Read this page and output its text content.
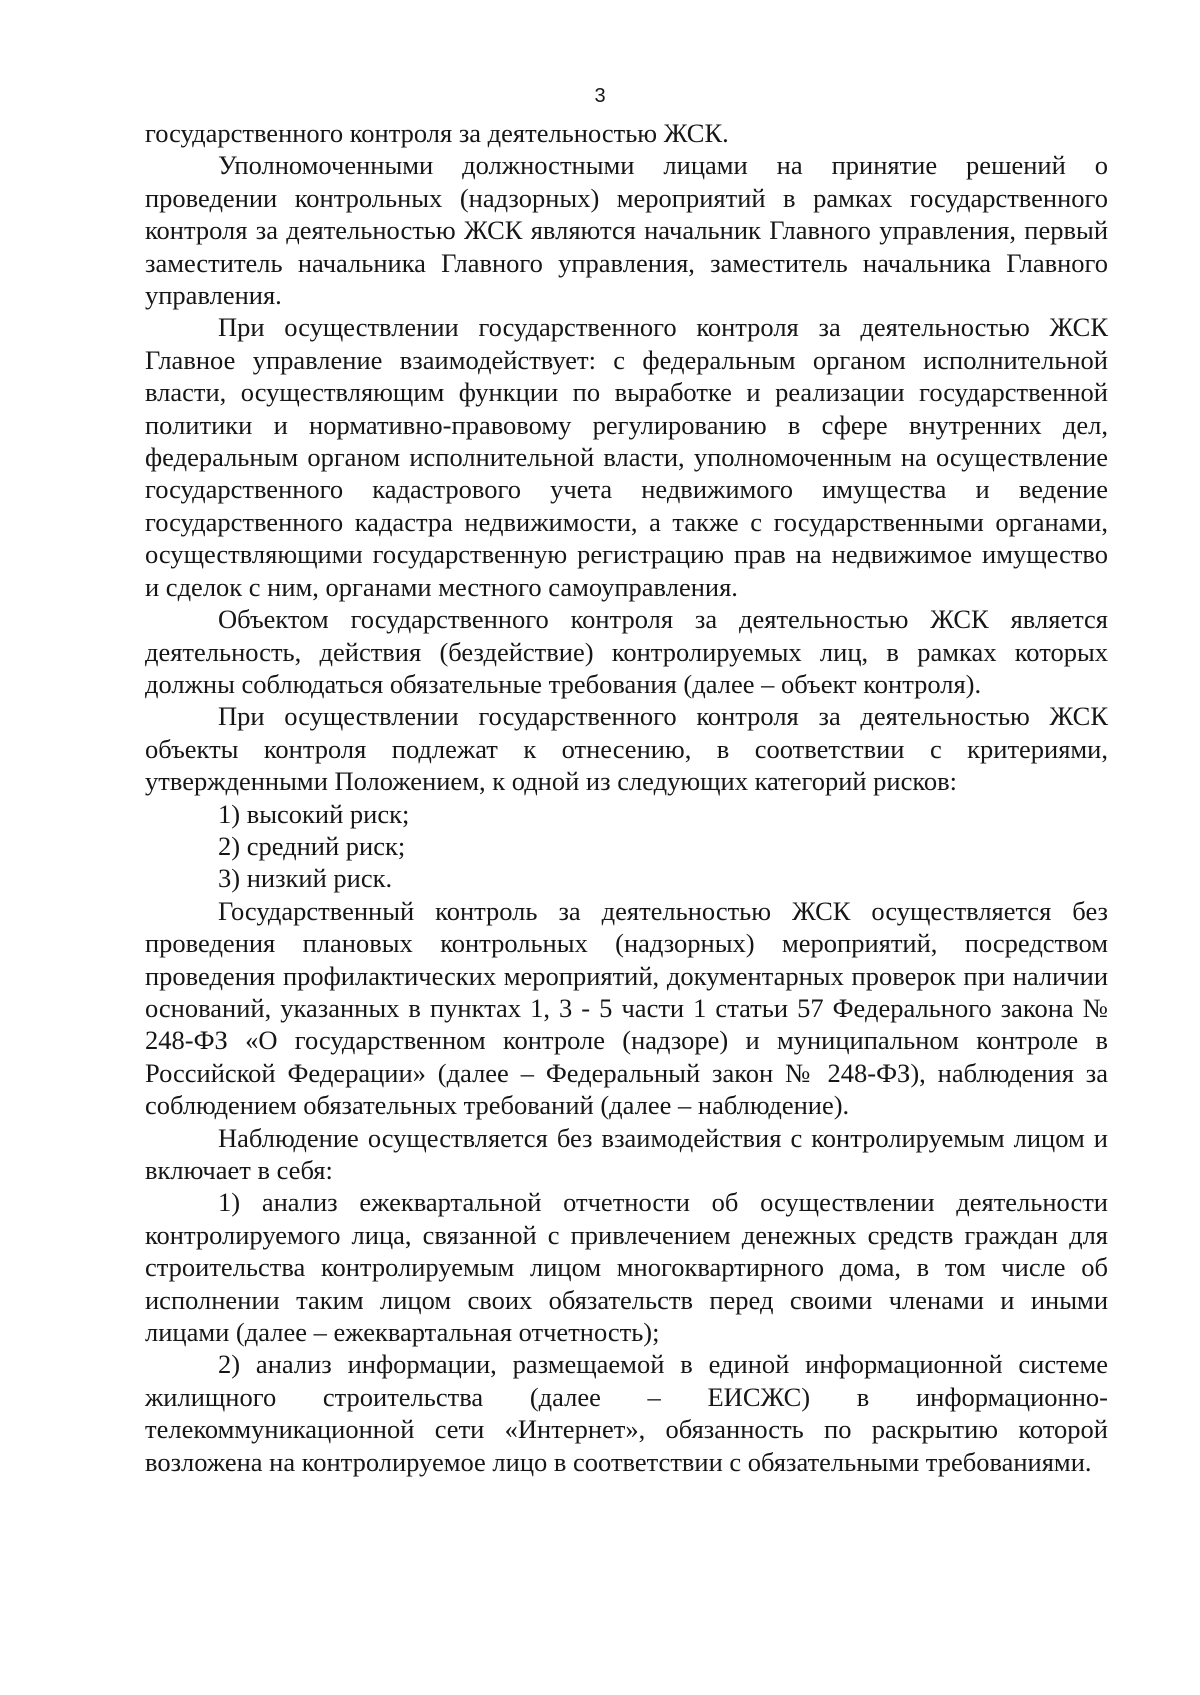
3

государственного контроля за деятельностью ЖСК.

Уполномоченными должностными лицами на принятие решений о проведении контрольных (надзорных) мероприятий в рамках государственного контроля за деятельностью ЖСК являются начальник Главного управления, первый заместитель начальника Главного управления, заместитель начальника Главного управления.

При осуществлении государственного контроля за деятельностью ЖСК Главное управление взаимодействует: с федеральным органом исполнительной власти, осуществляющим функции по выработке и реализации государственной политики и нормативно-правовому регулированию в сфере внутренних дел, федеральным органом исполнительной власти, уполномоченным на осуществление государственного кадастрового учета недвижимого имущества и ведение государственного кадастра недвижимости, а также с государственными органами, осуществляющими государственную регистрацию прав на недвижимое имущество и сделок с ним, органами местного самоуправления.

Объектом государственного контроля за деятельностью ЖСК является деятельность, действия (бездействие) контролируемых лиц, в рамках которых должны соблюдаться обязательные требования (далее – объект контроля).

При осуществлении государственного контроля за деятельностью ЖСК объекты контроля подлежат к отнесению, в соответствии с критериями, утвержденными Положением, к одной из следующих категорий рисков:

1) высокий риск;

2) средний риск;

3) низкий риск.

Государственный контроль за деятельностью ЖСК осуществляется без проведения плановых контрольных (надзорных) мероприятий, посредством проведения профилактических мероприятий, документарных проверок при наличии оснований, указанных в пунктах 1, 3 - 5 части 1 статьи 57 Федерального закона № 248-ФЗ «О государственном контроле (надзоре) и муниципальном контроле в Российской Федерации» (далее – Федеральный закон № 248-ФЗ), наблюдения за соблюдением обязательных требований (далее – наблюдение).

Наблюдение осуществляется без взаимодействия с контролируемым лицом и включает в себя:

1) анализ ежеквартальной отчетности об осуществлении деятельности контролируемого лица, связанной с привлечением денежных средств граждан для строительства контролируемым лицом многоквартирного дома, в том числе об исполнении таким лицом своих обязательств перед своими членами и иными лицами (далее – ежеквартальная отчетность);

2) анализ информации, размещаемой в единой информационной системе жилищного строительства (далее – ЕИСЖС) в информационно-телекоммуникационной сети «Интернет», обязанность по раскрытию которой возложена на контролируемое лицо в соответствии с обязательными требованиями.
